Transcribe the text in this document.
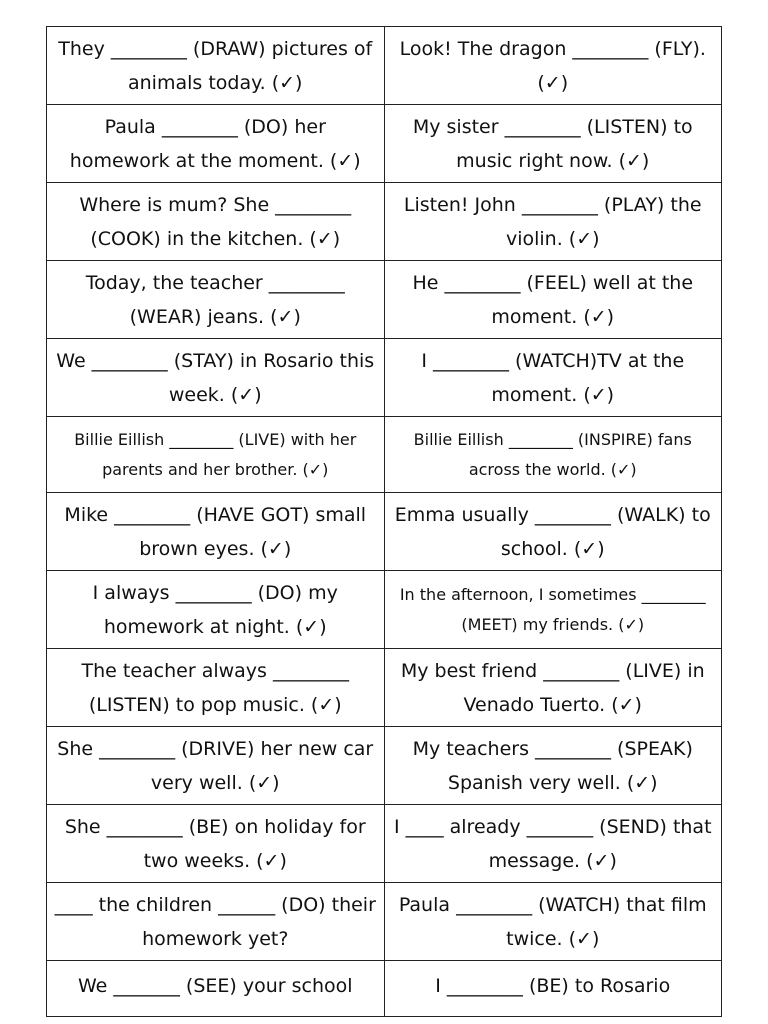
They ________ (DRAW) pictures of animals today. (✓)	Look! The dragon ________ (FLY). (✓)
Paula ________ (DO) her homework at the moment. (✓)	My sister ________ (LISTEN) to music right now. (✓)
Where is mum? She ________ (COOK) in the kitchen. (✓)	Listen! John ________ (PLAY) the violin. (✓)
Today, the teacher ________ (WEAR) jeans. (✓)	He ________ (FEEL) well at the moment. (✓)
We ________ (STAY) in Rosario this week. (✓)	I ________ (WATCH)TV at the moment. (✓)
Billie Eillish ________ (LIVE) with her parents and her brother. (✓)	Billie Eillish ________ (INSPIRE) fans across the world. (✓)
Mike ________ (HAVE GOT) small brown eyes. (✓)	Emma usually ________ (WALK) to school. (✓)
I always ________ (DO) my homework at night. (✓)	In the afternoon, I sometimes ________ (MEET) my friends. (✓)
The teacher always ________ (LISTEN) to pop music. (✓)	My best friend ________ (LIVE) in Venado Tuerto. (✓)
She ________ (DRIVE) her new car very well. (✓)	My teachers ________ (SPEAK) Spanish very well. (✓)
She ________ (BE) on holiday for two weeks. (✓)	I ____ already _______ (SEND) that message. (✓)
____ the children ______ (DO) their homework yet?	Paula ________ (WATCH) that film twice. (✓)
We _______ (SEE) your school	I ________ (BE) to Rosario
